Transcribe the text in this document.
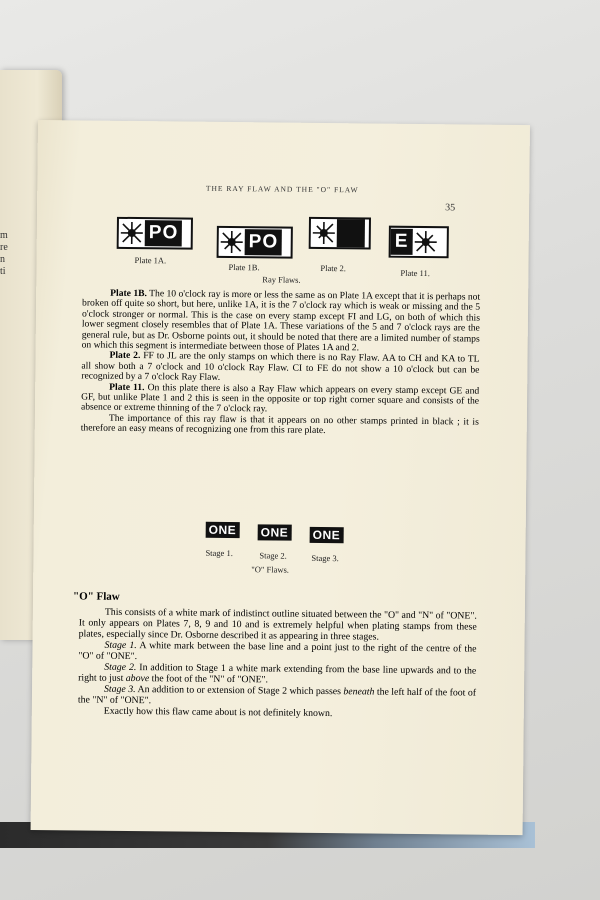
m
re
n
ti
THE RAY FLAW AND THE "O" FLAW
35
PO	PO	E
Plate 1A.
Plate 1B.	Plate 2.	Plate 11.
Ray Flaws.

Plate 1B. The 10 o'clock ray is more or less the same as on Plate 1A except that it is perhaps not broken off quite so short, but here, unlike 1A, it is the 7 o'clock ray which is weak or missing and the 5 o'clock stronger or normal. This is the case on every stamp except FI and LG, on both of which this lower segment closely resembles that of Plate 1A. These variations of the 5 and 7 o'clock rays are the general rule, but as Dr. Osborne points out, it should be noted that there are a limited number of stamps on which this segment is intermediate between those of Plates 1A and 2.

Plate 2. FF to JL are the only stamps on which there is no Ray Flaw. AA to CH and KA to TL all show both a 7 o'clock and 10 o'clock Ray Flaw. CI to FE do not show a 10 o'clock but can be recognized by a 7 o'clock Ray Flaw.

Plate 11. On this plate there is also a Ray Flaw which appears on every stamp except GE and GF, but unlike Plate 1 and 2 this is seen in the opposite or top right corner square and consists of the absence or extreme thinning of the 7 o'clock ray.

The importance of this ray flaw is that it appears on no other stamps printed in black ; it is therefore an easy means of recognizing one from this rare plate.

ONE ONE ONE
Stage 1.	Stage 2.	Stage 3.
"O" Flaws.
"O" Flaw

This consists of a white mark of indistinct outline situated between the "O" and "N" of "ONE". It only appears on Plates 7, 8, 9 and 10 and is extremely helpful when plating stamps from these plates, especially since Dr. Osborne described it as appearing in three stages.

Stage 1. A white mark between the base line and a point just to the right of the centre of the "O" of "ONE".

Stage 2. In addition to Stage 1 a white mark extending from the base line upwards and to the right to just above the foot of the "N" of "ONE".

Stage 3. An addition to or extension of Stage 2 which passes beneath the left half of the foot of the "N" of "ONE".

Exactly how this flaw came about is not definitely known.
